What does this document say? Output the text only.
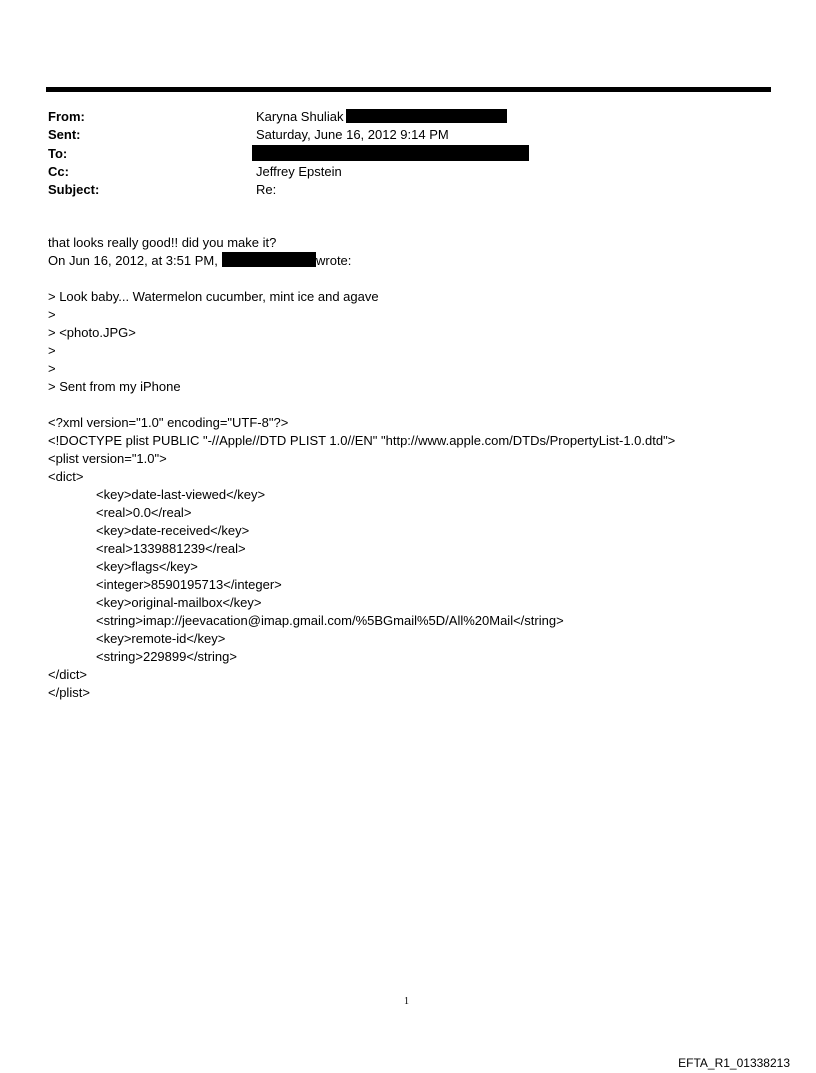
From:	Karyna Shuliak
Sent:	Saturday, June 16, 2012 9:14 PM
To:
Cc:	Jeffrey Epstein
Subject:	Re:
that looks really good!! did you make it?
On Jun 16, 2012, at 3:51 PM,	wrote:
> Look baby... Watermelon cucumber, mint ice and agave
>
> <photo.JPG>
>
>
> Sent from my iPhone
<?xml version="1.0" encoding="UTF-8"?>
<!DOCTYPE plist PUBLIC "-//Apple//DTD PLIST 1.0//EN" "http://www.apple.com/DTDs/PropertyList-1.0.dtd">
<plist version="1.0">
<dict>
<key>date-last-viewed</key>
<real>0.0</real>
<key>date-received</key>
<real>1339881239</real>
<key>flags</key>
<integer>8590195713</integer>
<key>original-mailbox</key>
<string>imap://jeevacation@imap.gmail.com/%5BGmail%5D/All%20Mail</string>
<key>remote-id</key>
<string>229899</string>
</dict>
</plist>
1
EFTA_R1_01338213
